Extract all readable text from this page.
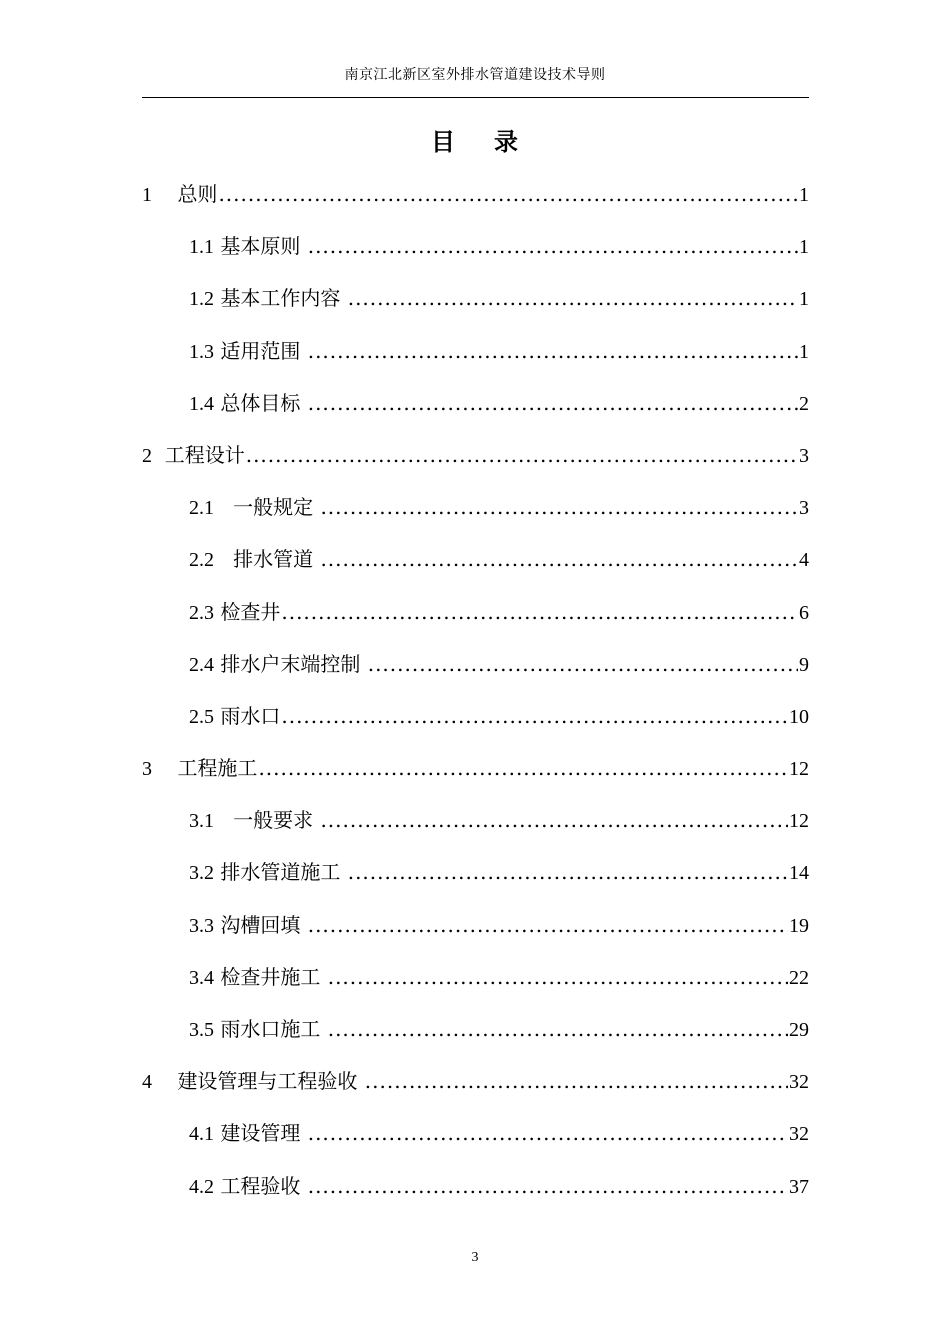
南京江北新区室外排水管道建设技术导则
目 录
1 总则 .....	1
1.1 基本原则 .....	1
1.2 基本工作内容 .....	1
1.3 适用范围 .....	1
1.4 总体目标 .....	2
2 工程设计 .....	3
2.1 一般规定 .....	3
2.2 排水管道 .....	4
2.3 检查井 .....	6
2.4 排水户末端控制 .....	9
2.5 雨水口 .....	10
3 工程施工 .....	12
3.1 一般要求 .....	12
3.2 排水管道施工 .....	14
3.3 沟槽回填 .....	19
3.4 检查井施工 .....	22
3.5 雨水口施工 .....	29
4 建设管理与工程验收 .....	32
4.1 建设管理 .....	32
4.2 工程验收 .....	37
3
